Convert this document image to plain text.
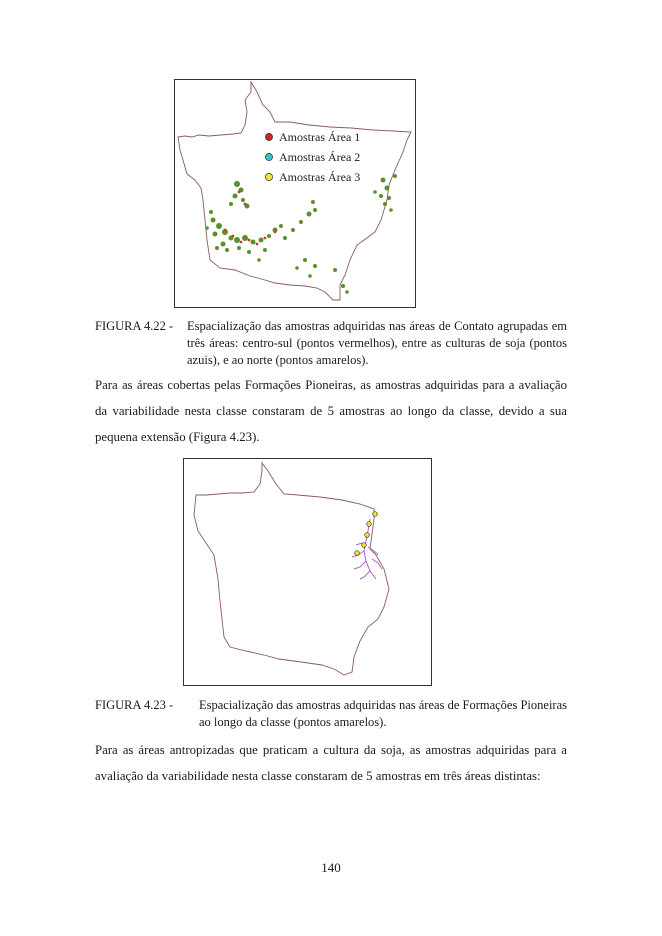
Amostras Área 1
Amostras Área 2
Amostras Área 3
FIGURA 4.22 - Espacialização das amostras adquiridas nas áreas de Contato agrupadas em três áreas: centro-sul (pontos vermelhos), entre as culturas de soja (pontos azuis), e ao norte (pontos amarelos).

Para as áreas cobertas pelas Formações Pioneiras, as amostras adquiridas para a avaliação da variabilidade nesta classe constaram de 5 amostras ao longo da classe, devido a sua pequena extensão (Figura 4.23).

FIGURA 4.23 - Espacialização das amostras adquiridas nas áreas de Formações Pioneiras ao longo da classe (pontos amarelos).

Para as áreas antropizadas que praticam a cultura da soja, as amostras adquiridas para a avaliação da variabilidade nesta classe constaram de 5 amostras em três áreas distintas:

140
